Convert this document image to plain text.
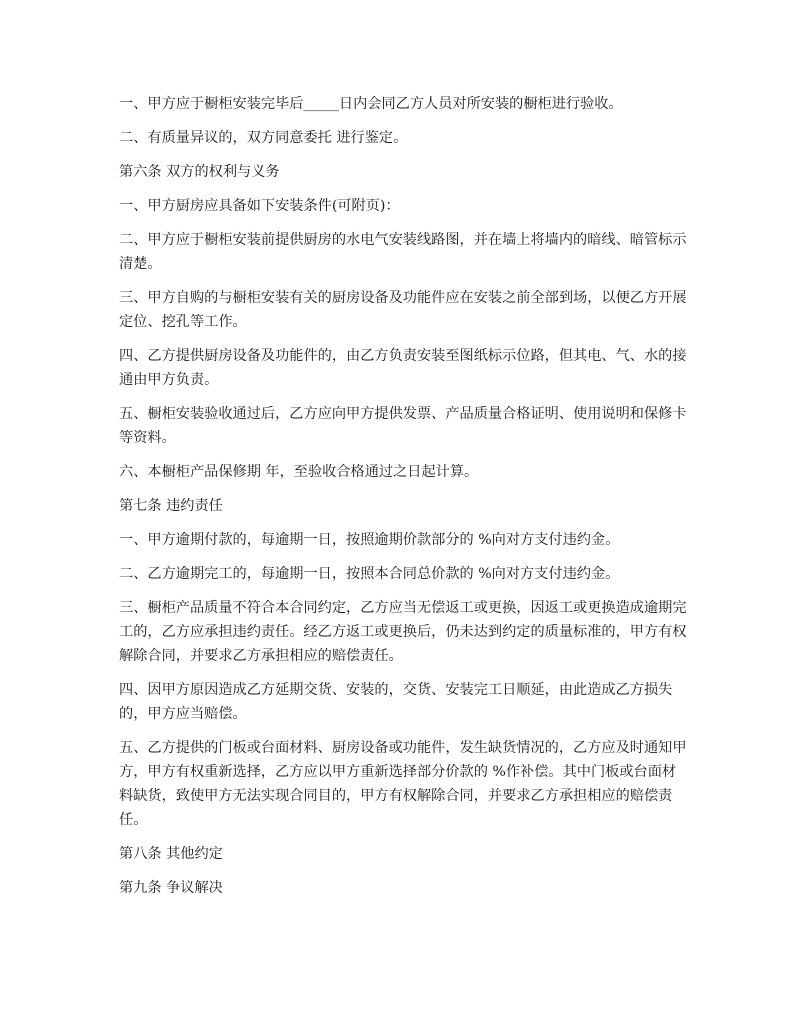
一、甲方应于橱柜安装完毕后_____日内会同乙方人员对所安装的橱柜进行验收。

二、有质量异议的，双方同意委托 进行鉴定。

第六条 双方的权利与义务

一、甲方厨房应具备如下安装条件(可附页)：

二、甲方应于橱柜安装前提供厨房的水电气安装线路图，并在墙上将墙内的暗线、暗管标示清楚。

三、甲方自购的与橱柜安装有关的厨房设备及功能件应在安装之前全部到场，以便乙方开展定位、挖孔等工作。

四、乙方提供厨房设备及功能件的，由乙方负责安装至图纸标示位路，但其电、气、水的接通由甲方负责。

五、橱柜安装验收通过后，乙方应向甲方提供发票、产品质量合格证明、使用说明和保修卡等资料。

六、本橱柜产品保修期 年，至验收合格通过之日起计算。

第七条 违约责任

一、甲方逾期付款的，每逾期一日，按照逾期价款部分的 %向对方支付违约金。

二、乙方逾期完工的，每逾期一日，按照本合同总价款的 %向对方支付违约金。

三、橱柜产品质量不符合本合同约定，乙方应当无偿返工或更换，因返工或更换造成逾期完工的，乙方应承担违约责任。经乙方返工或更换后，仍未达到约定的质量标准的，甲方有权解除合同，并要求乙方承担相应的赔偿责任。

四、因甲方原因造成乙方延期交货、安装的，交货、安装完工日顺延，由此造成乙方损失的，甲方应当赔偿。

五、乙方提供的门板或台面材料、厨房设备或功能件，发生缺货情况的，乙方应及时通知甲方，甲方有权重新选择，乙方应以甲方重新选择部分价款的 %作补偿。其中门板或台面材料缺货，致使甲方无法实现合同目的，甲方有权解除合同，并要求乙方承担相应的赔偿责任。

第八条 其他约定

第九条 争议解决
